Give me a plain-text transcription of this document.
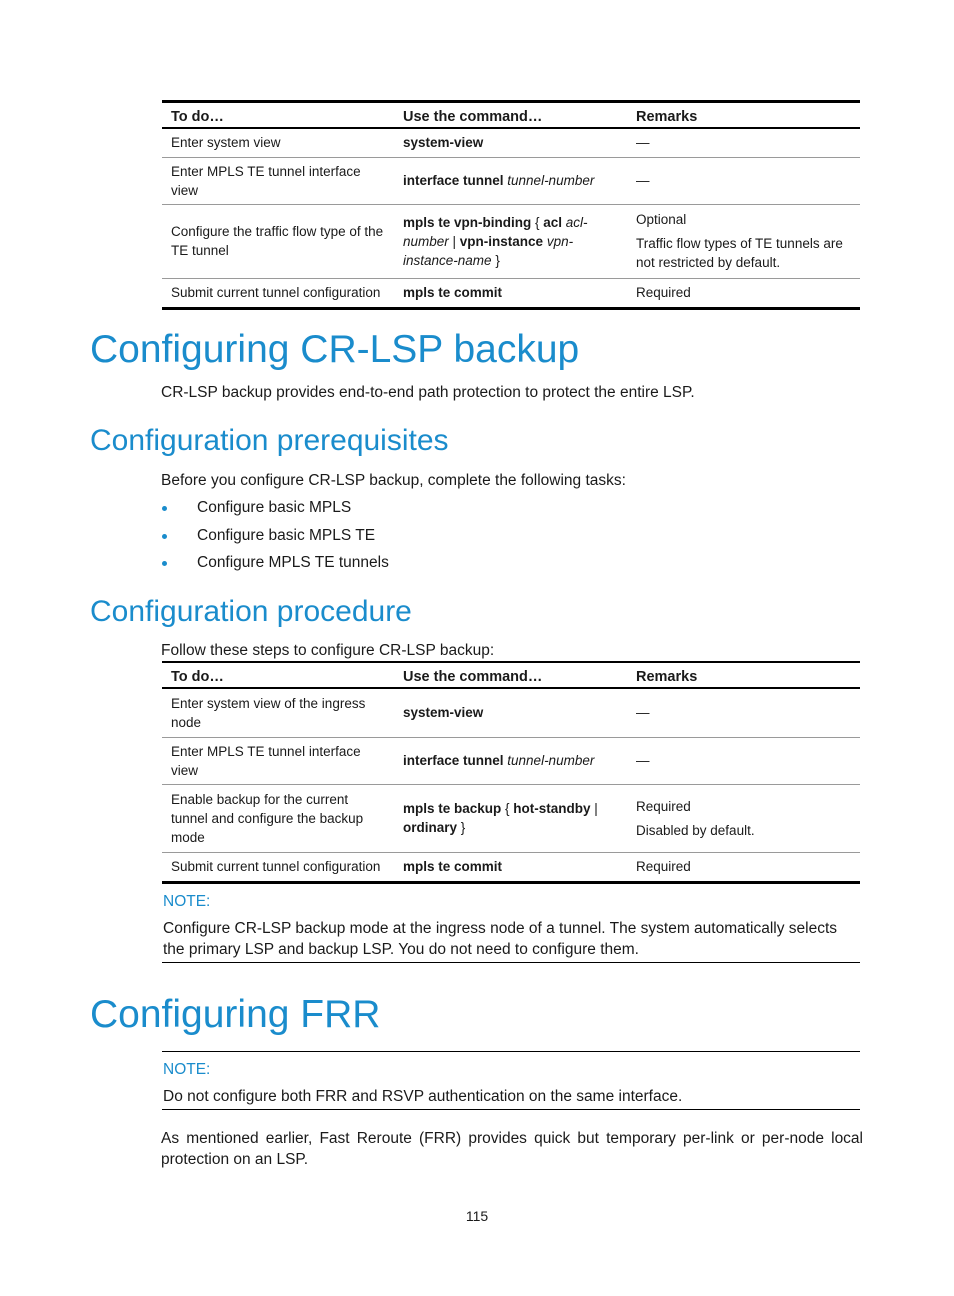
To do…	Use the command…	Remarks
Enter system view	system-view	—

Enter MPLS TE tunnel interface view	interface tunnel tunnel-number	—

Configure the traffic flow type of the TE tunnel	mpls te vpn-binding { acl acl-number | vpn-instance vpn-instance-name }	Optional
Traffic flow types of TE tunnels are not restricted by default.

Submit current tunnel configuration	mpls te commit	Required
Configuring CR-LSP backup

CR-LSP backup provides end-to-end path protection to protect the entire LSP.

Configuration prerequisites

Before you configure CR-LSP backup, complete the following tasks:

Configure basic MPLS
Configure basic MPLS TE
Configure MPLS TE tunnels
Configuration procedure

Follow these steps to configure CR-LSP backup:

To do…	Use the command…	Remarks
Enter system view of the ingress node	system-view	—

Enter MPLS TE tunnel interface view	interface tunnel tunnel-number	—

Enable backup for the current tunnel and configure the backup mode	mpls te backup { hot-standby | ordinary }	Required
Disabled by default.

Submit current tunnel configuration	mpls te commit	Required
NOTE:

Configure CR-LSP backup mode at the ingress node of a tunnel. The system automatically selects the primary LSP and backup LSP. You do not need to configure them.

Configuring FRR
NOTE:

Do not configure both FRR and RSVP authentication on the same interface.

As mentioned earlier, Fast Reroute (FRR) provides quick but temporary per-link or per-node local protection on an LSP.

115
